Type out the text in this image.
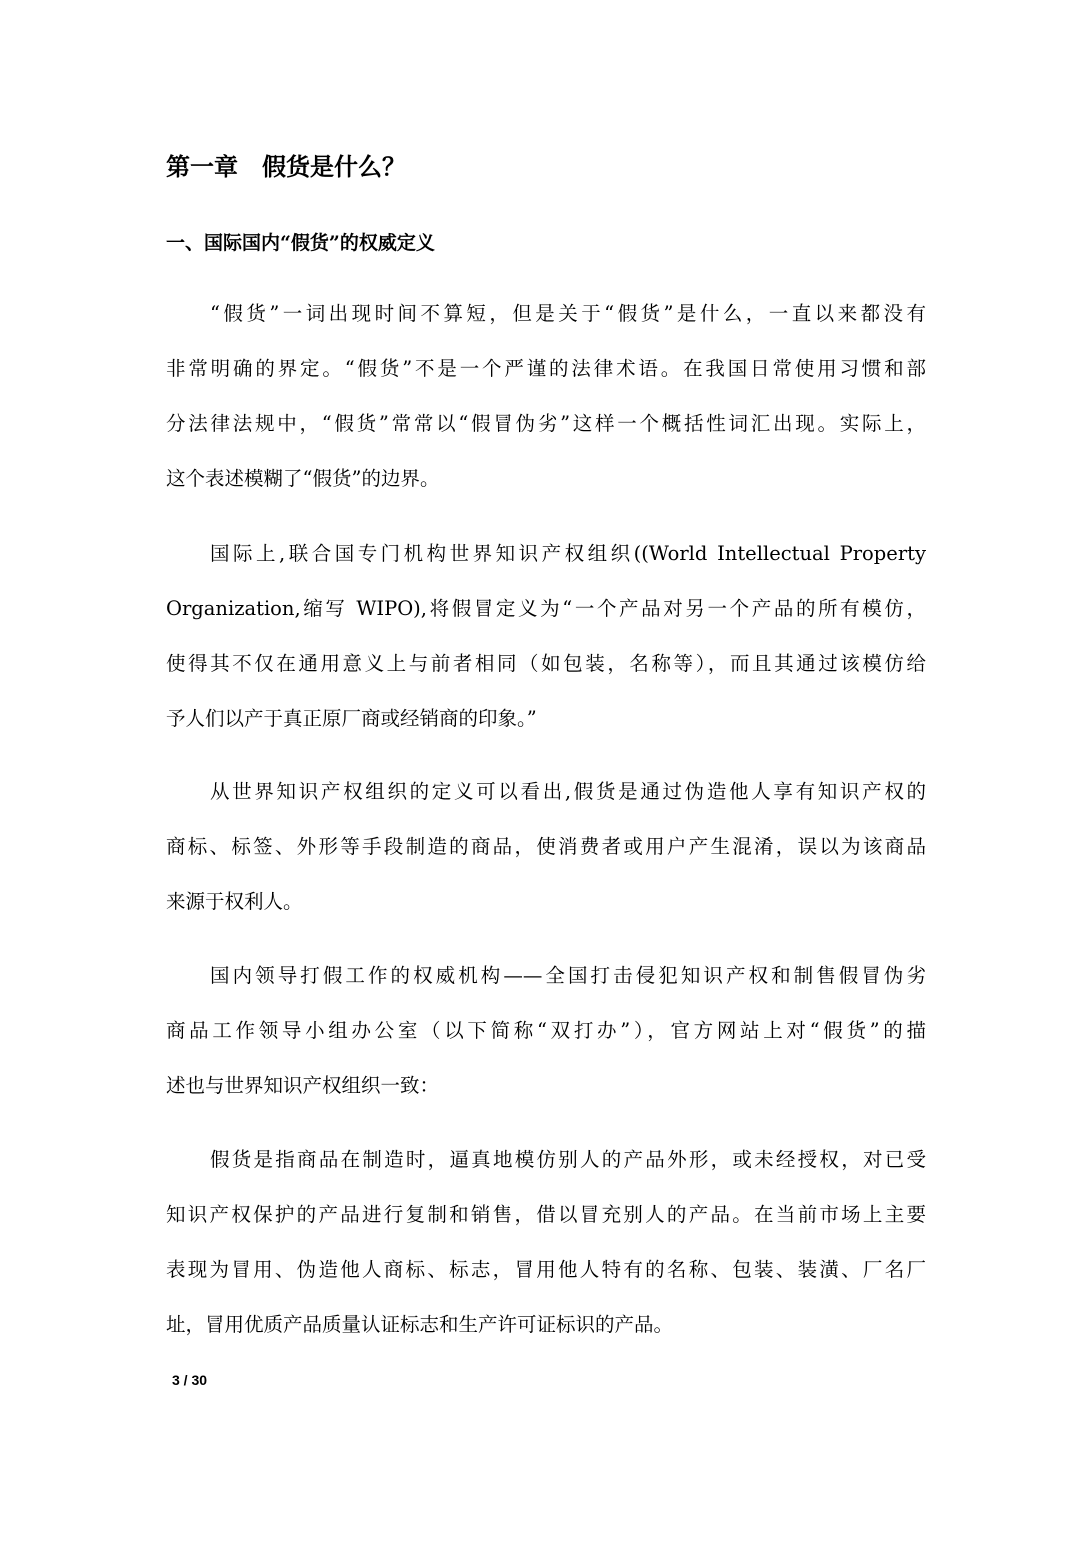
第一章　假货是什么？
一、国际国内“假货”的权威定义

“假货”一词出现时间不算短，但是关于“假货”是什么，一直以来都没有
非常明确的界定。“假货”不是一个严谨的法律术语。在我国日常使用习惯和部
分法律法规中，“假货”常常以“假冒伪劣”这样一个概括性词汇出现。实际上，
这个表述模糊了“假货”的边界。

国际上,联合国专门机构世界知识产权组织((World Intellectual Property
Organization,缩写 WIPO),将假冒定义为“一个产品对另一个产品的所有模仿，
使得其不仅在通用意义上与前者相同（如包装，名称等），而且其通过该模仿给
予人们以产于真正原厂商或经销商的印象。”

从世界知识产权组织的定义可以看出,假货是通过伪造他人享有知识产权的
商标、标签、外形等手段制造的商品，使消费者或用户产生混淆，误以为该商品
来源于权利人。

国内领导打假工作的权威机构——全国打击侵犯知识产权和制售假冒伪劣
商品工作领导小组办公室（以下简称“双打办”），官方网站上对“假货”的描
述也与世界知识产权组织一致：

假货是指商品在制造时，逼真地模仿别人的产品外形，或未经授权，对已受
知识产权保护的产品进行复制和销售，借以冒充别人的产品。在当前市场上主要
表现为冒用、伪造他人商标、标志，冒用他人特有的名称、包装、装潢、厂名厂
址，冒用优质产品质量认证标志和生产许可证标识的产品。

3 / 30
